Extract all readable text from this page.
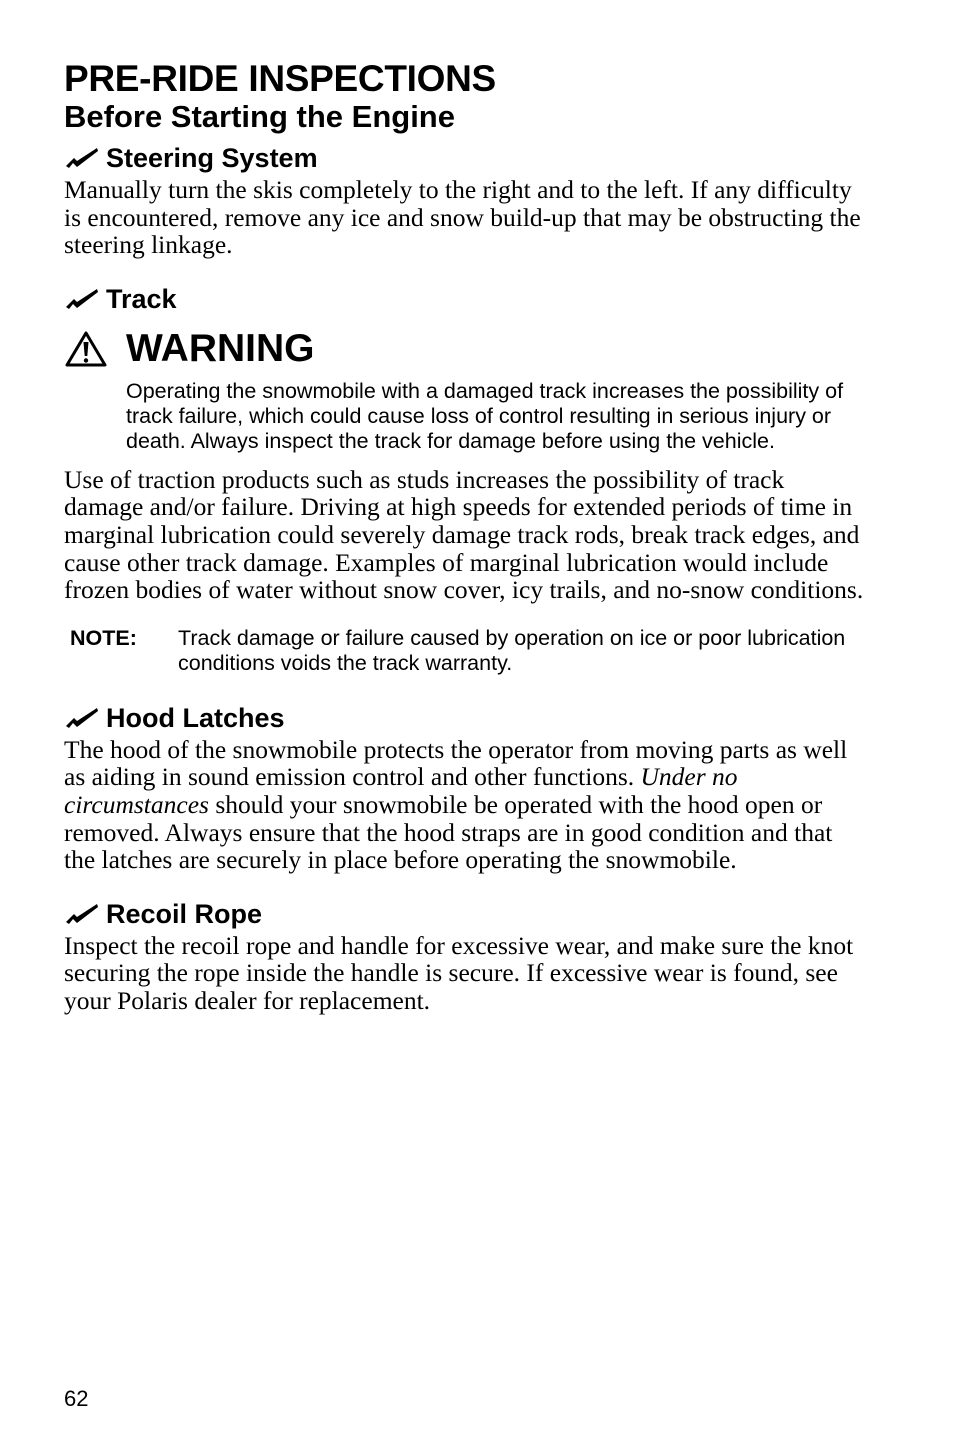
PRE-RIDE INSPECTIONS
Before Starting the Engine
Steering System

Manually turn the skis completely to the right and to the left. If any difficulty is encountered, remove any ice and snow build-up that may be obstructing the steering linkage.

Track
WARNING

Operating the snowmobile with a damaged track increases the possibility of track failure, which could cause loss of control resulting in serious injury or death. Always inspect the track for damage before using the vehicle.

Use of traction products such as studs increases the possibility of track damage and/or failure. Driving at high speeds for extended periods of time in marginal lubrication could severely damage track rods, break track edges, and cause other track damage. Examples of marginal lubrication would include frozen bodies of water without snow cover, icy trails, and no-snow conditions.

NOTE:	Track damage or failure caused by operation on ice or poor lubrication conditions voids the track warranty.
Hood Latches

The hood of the snowmobile protects the operator from moving parts as well as aiding in sound emission control and other functions. Under no circumstances should your snowmobile be operated with the hood open or removed. Always ensure that the hood straps are in good condition and that the latches are securely in place before operating the snowmobile.

Recoil Rope

Inspect the recoil rope and handle for excessive wear, and make sure the knot securing the rope inside the handle is secure. If excessive wear is found, see your Polaris dealer for replacement.

62
